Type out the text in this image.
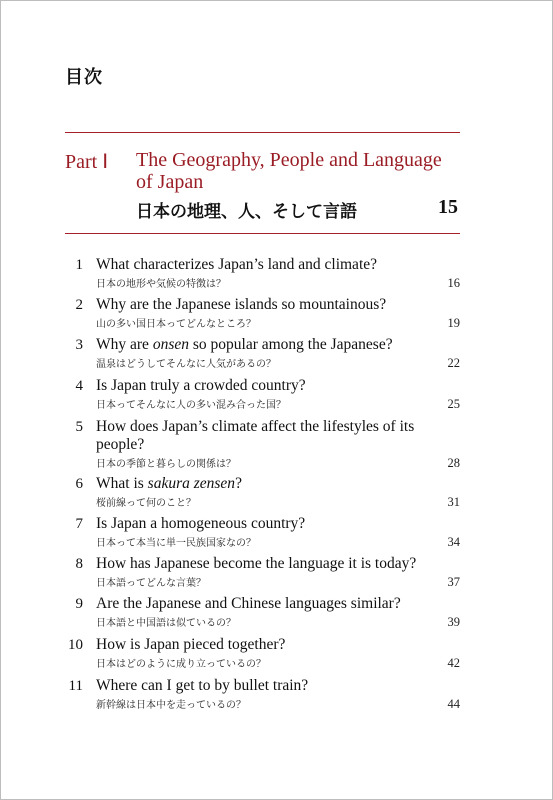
目次
Part Ⅰ The Geography, People and Language of Japan
日本の地理、人、そして言語	15
1 What characterizes Japan’s land and climate?
日本の地形や気候の特徴は？	16
2 Why are the Japanese islands so mountainous?
山の多い国日本ってどんなところ？	19
3 Why are onsen so popular among the Japanese?
温泉はどうしてそんなに人気があるの？	22
4 Is Japan truly a crowded country?
日本ってそんなに人の多い混み合った国？	25
5 How does Japan’s climate affect the lifestyles of its people?
日本の季節と暮らしの関係は？	28
6 What is sakura zensen?
桜前線って何のこと？	31
7 Is Japan a homogeneous country?
日本って本当に単一民族国家なの？	34
8 How has Japanese become the language it is today?
日本語ってどんな言葉？	37
9 Are the Japanese and Chinese languages similar?
日本語と中国語は似ているの？	39
10 How is Japan pieced together?
日本はどのように成り立っているの？	42
11 Where can I get to by bullet train?
新幹線は日本中を走っているの？	44
